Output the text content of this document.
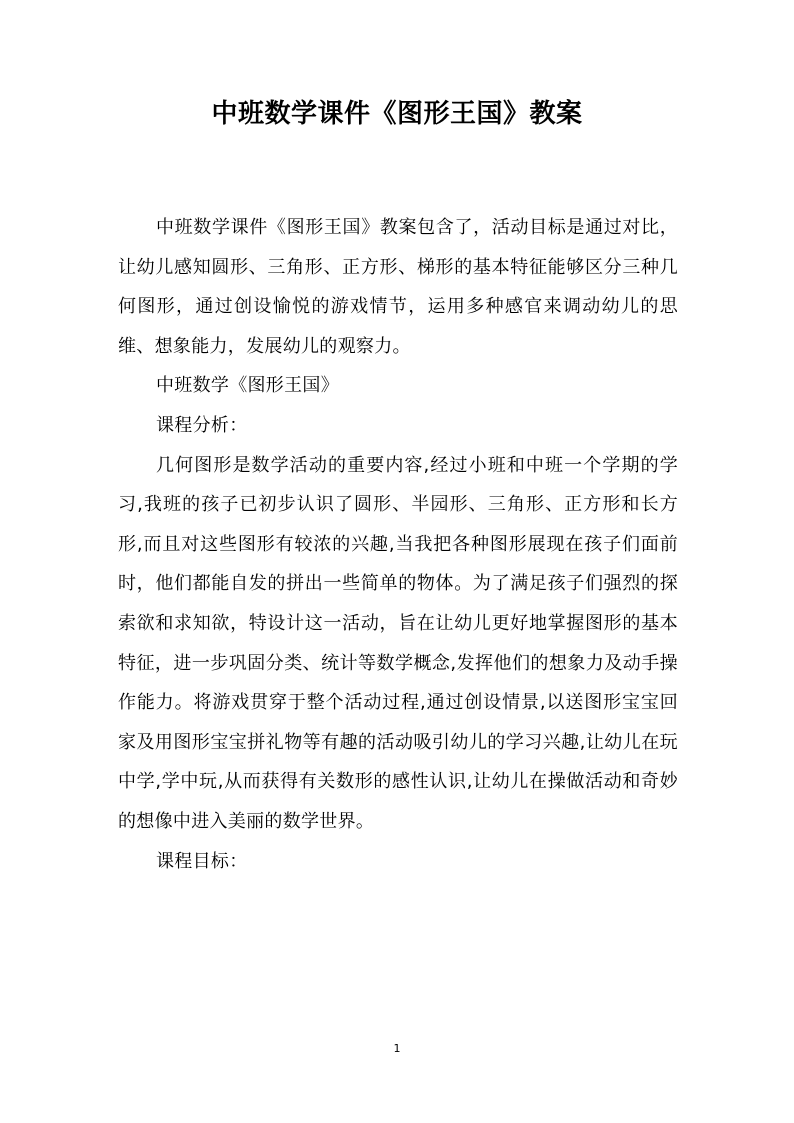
中班数学课件《图形王国》教案

中班数学课件《图形王国》教案包含了，活动目标是通过对比，让幼儿感知圆形、三角形、正方形、梯形的基本特征能够区分三种几何图形，通过创设愉悦的游戏情节，运用多种感官来调动幼儿的思维、想象能力，发展幼儿的观察力。

中班数学《图形王国》

课程分析：

几何图形是数学活动的重要内容,经过小班和中班一个学期的学习,我班的孩子已初步认识了圆形、半园形、三角形、正方形和长方形,而且对这些图形有较浓的兴趣,当我把各种图形展现在孩子们面前时，他们都能自发的拼出一些简单的物体。为了满足孩子们强烈的探索欲和求知欲，特设计这一活动，旨在让幼儿更好地掌握图形的基本特征，进一步巩固分类、统计等数学概念,发挥他们的想象力及动手操作能力。将游戏贯穿于整个活动过程,通过创设情景,以送图形宝宝回家及用图形宝宝拼礼物等有趣的活动吸引幼儿的学习兴趣,让幼儿在玩中学,学中玩,从而获得有关数形的感性认识,让幼儿在操做活动和奇妙的想像中进入美丽的数学世界。

课程目标：

1
